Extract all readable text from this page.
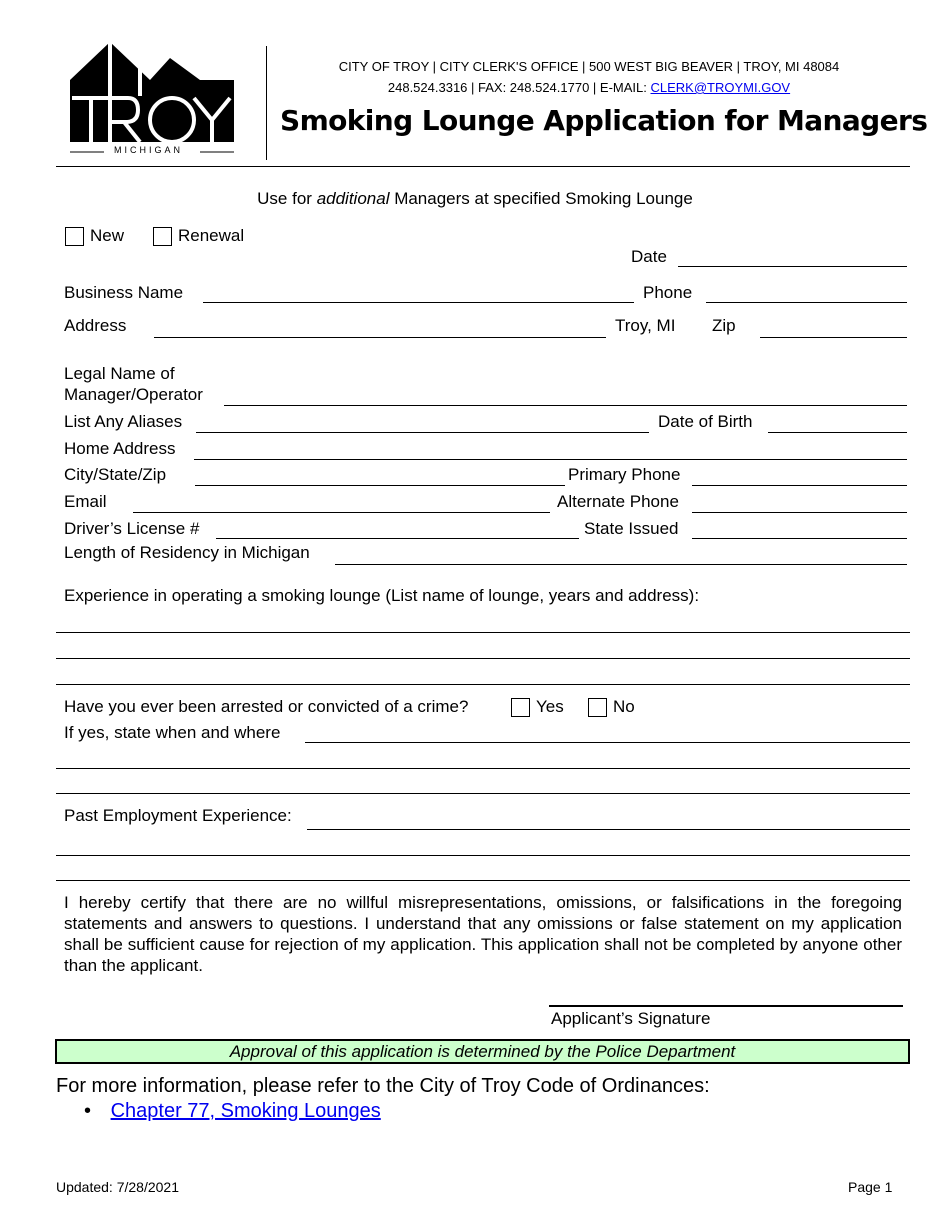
MICHIGAN
CITY OF TROY | CITY CLERK'S OFFICE | 500 WEST BIG BEAVER | TROY, MI 48084
248.524.3316 | FAX: 248.524.1770 | E-MAIL: CLERK@TROYMI.GOV
Smoking Lounge Application for Managers
Use for additional Managers at specified Smoking Lounge
New	Renewal
Date
Business Name	Phone
Address	Troy, MI Zip
Legal Name of
Manager/Operator
List Any Aliases	Date of Birth
Home Address
City/State/Zip	Primary Phone
Email	Alternate Phone
Driver’s License #	State Issued
Length of Residency in Michigan
Experience in operating a smoking lounge (List name of lounge, years and address):
Have you ever been arrested or convicted of a crime?	Yes	No
If yes, state when and where
Past Employment Experience:
I hereby certify that there are no willful misrepresentations, omissions, or falsifications in the foregoing statements and answers to questions. I understand that any omissions or false statement on my application shall be sufficient cause for rejection of my application. This application shall not be completed by anyone other than the applicant.
Applicant’s Signature
Approval of this application is determined by the Police Department
For more information, please refer to the City of Troy Code of Ordinances:
• Chapter 77, Smoking Lounges
Updated: 7/28/2021	Page 1
